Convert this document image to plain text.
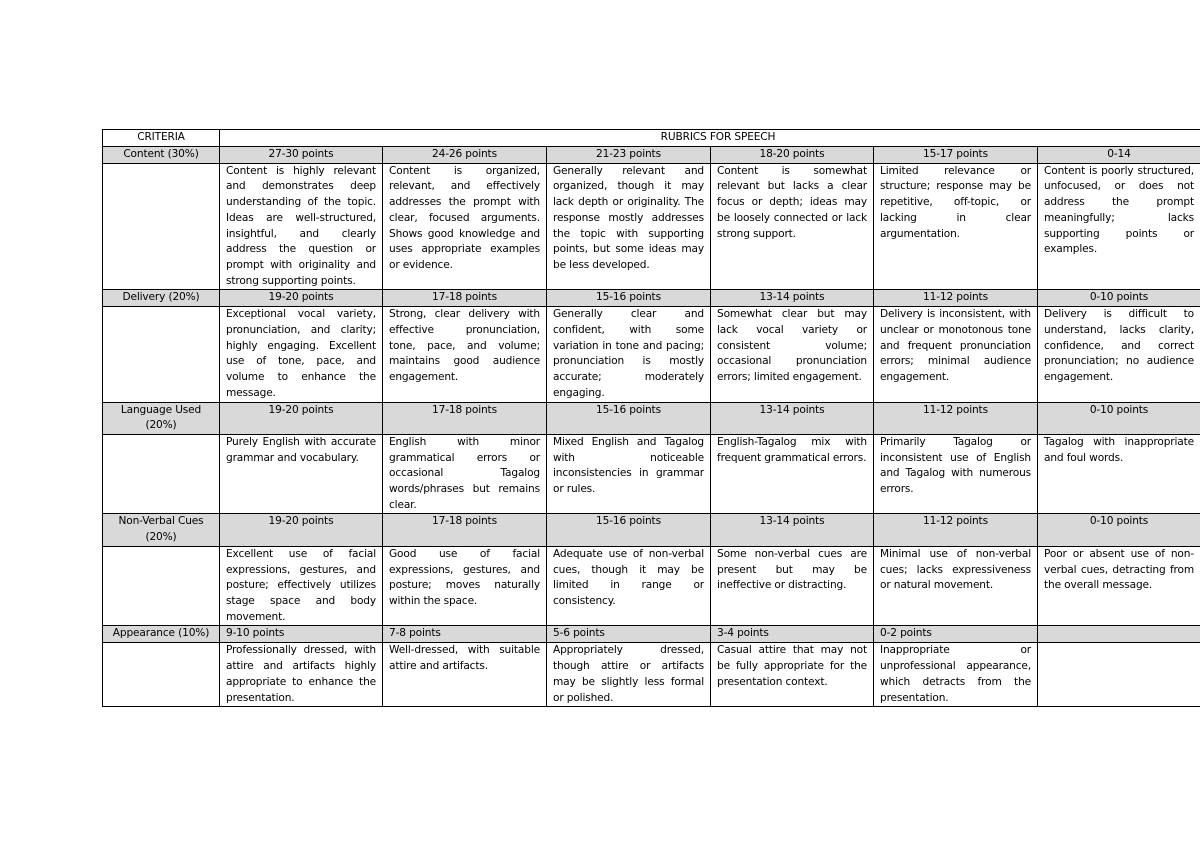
CRITERIA	RUBRICS FOR SPEECH						
Content (30%)	27-30 points	24-26 points	21-23 points	18-20 points	15-17 points	0-14	
	Content is highly relevant and demonstrates deep understanding of the topic. Ideas are well-structured, insightful, and clearly address the question or prompt with originality and strong supporting points.	Content is organized, relevant, and effectively addresses the prompt with clear, focused arguments. Shows good knowledge and uses appropriate examples or evidence.	Generally relevant and organized, though it may lack depth or originality. The response mostly addresses the topic with supporting points, but some ideas may be less developed.	Content is somewhat relevant but lacks a clear focus or depth; ideas may be loosely connected or lack strong support.	Limited relevance or structure; response may be repetitive, off-topic, or lacking in clear argumentation.	Content is poorly structured, unfocused, or does not address the prompt meaningfully; lacks supporting points or examples.	
Delivery (20%)	19-20 points	17-18 points	15-16 points	13-14 points	11-12 points	0-10 points	
	Exceptional vocal variety, pronunciation, and clarity; highly engaging. Excellent use of tone, pace, and volume to enhance the message.	Strong, clear delivery with effective pronunciation, tone, pace, and volume; maintains good audience engagement.	Generally clear and confident, with some variation in tone and pacing; pronunciation is mostly accurate; moderately engaging.	Somewhat clear but may lack vocal variety or consistent volume; occasional pronunciation errors; limited engagement.	Delivery is inconsistent, with unclear or monotonous tone and frequent pronunciation errors; minimal audience engagement.	Delivery is difficult to understand, lacks clarity, confidence, and correct pronunciation; no audience engagement.	
Language Used (20%)	19-20 points	17-18 points	15-16 points	13-14 points	11-12 points	0-10 points	
	Purely English with accurate grammar and vocabulary.	English with minor grammatical errors or occasional Tagalog words/phrases but remains clear.	Mixed English and Tagalog with noticeable inconsistencies in grammar or rules.	English-Tagalog mix with frequent grammatical errors.	Primarily Tagalog or inconsistent use of English and Tagalog with numerous errors.	Tagalog with inappropriate and foul words.	
Non-Verbal Cues (20%)	19-20 points	17-18 points	15-16 points	13-14 points	11-12 points	0-10 points	
	Excellent use of facial expressions, gestures, and posture; effectively utilizes stage space and body movement.	Good use of facial expressions, gestures, and posture; moves naturally within the space.	Adequate use of non-verbal cues, though it may be limited in range or consistency.	Some non-verbal cues are present but may be ineffective or distracting.	Minimal use of non-verbal cues; lacks expressiveness or natural movement.	Poor or absent use of non-verbal cues, detracting from the overall message.	
Appearance (10%)	9-10 points	7-8 points	5-6 points	3-4 points	0-2 points		
	Professionally dressed, with attire and artifacts highly appropriate to enhance the presentation.	Well-dressed, with suitable attire and artifacts.	Appropriately dressed, though attire or artifacts may be slightly less formal or polished.	Casual attire that may not be fully appropriate for the presentation context.	Inappropriate or unprofessional appearance, which detracts from the presentation.		
